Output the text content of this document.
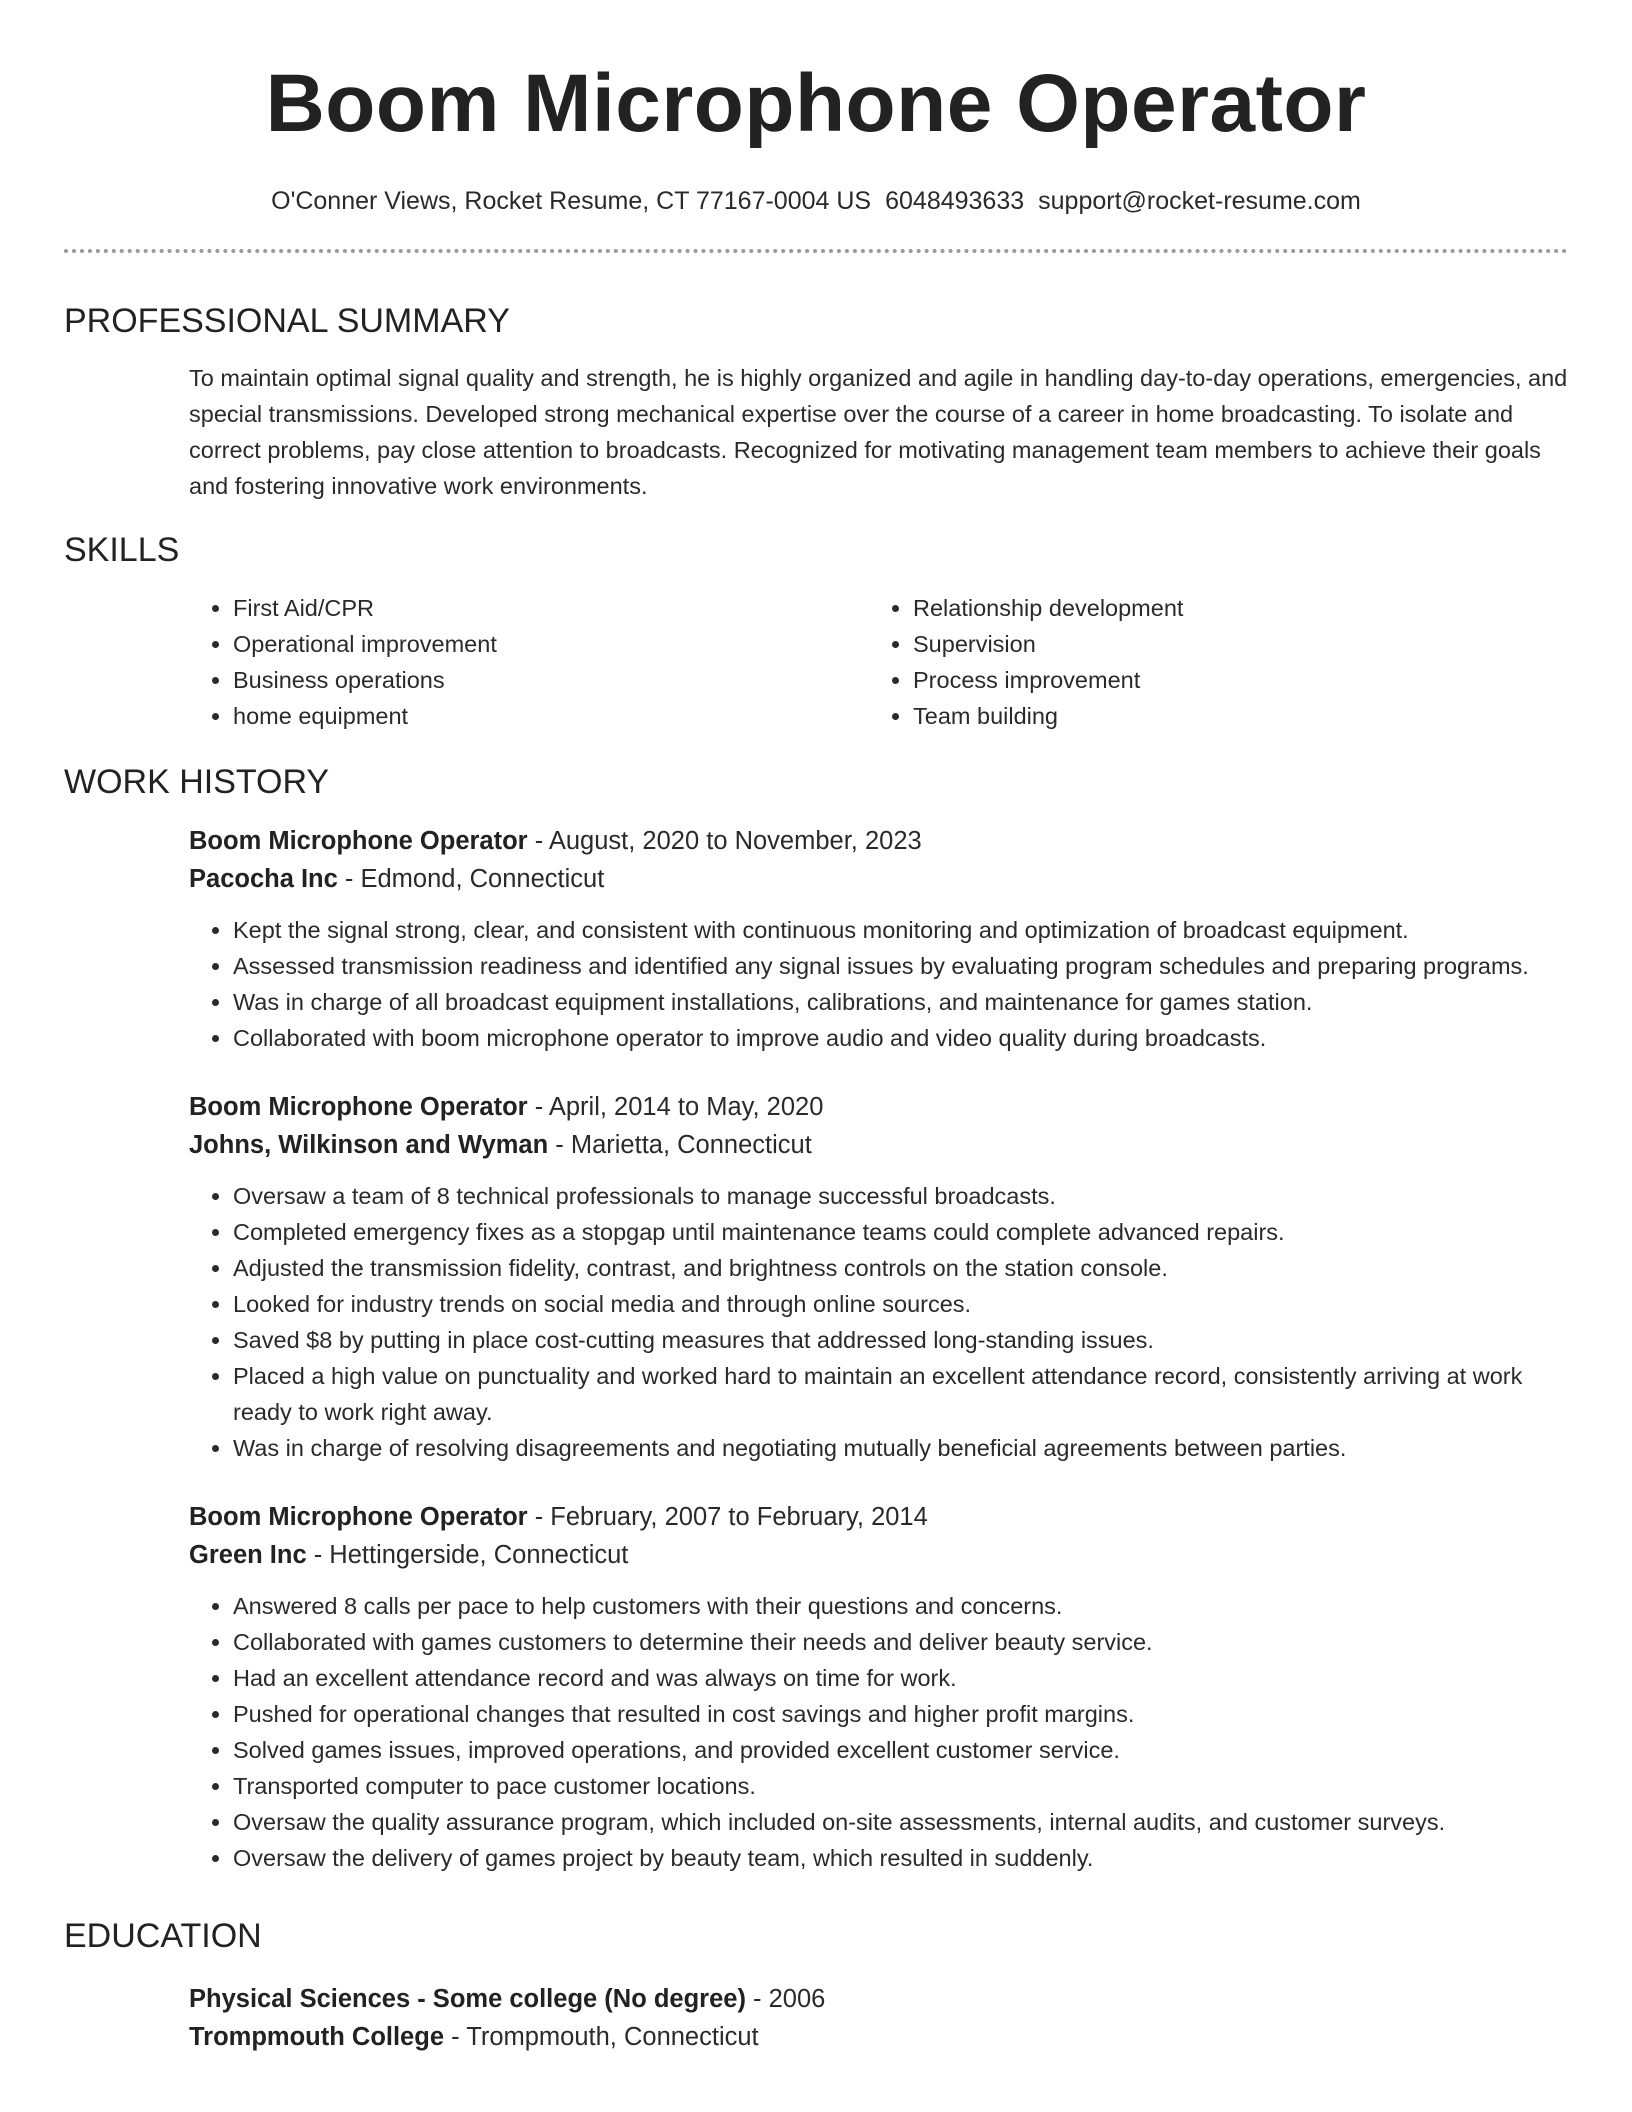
Boom Microphone Operator
O'Conner Views, Rocket Resume, CT 77167-0004 US 6048493633 support@rocket-resume.com
PROFESSIONAL SUMMARY
To maintain optimal signal quality and strength, he is highly organized and agile in handling day-to-day operations, emergencies, and special transmissions. Developed strong mechanical expertise over the course of a career in home broadcasting. To isolate and correct problems, pay close attention to broadcasts. Recognized for motivating management team members to achieve their goals and fostering innovative work environments.
SKILLS
• First Aid/CPR
• Operational improvement
• Business operations
• home equipment
• Relationship development
• Supervision
• Process improvement
• Team building
WORK HISTORY
Boom Microphone Operator - August, 2020 to November, 2023
Pacocha Inc - Edmond, Connecticut
• Kept the signal strong, clear, and consistent with continuous monitoring and optimization of broadcast equipment.
• Assessed transmission readiness and identified any signal issues by evaluating program schedules and preparing programs.
• Was in charge of all broadcast equipment installations, calibrations, and maintenance for games station.
• Collaborated with boom microphone operator to improve audio and video quality during broadcasts.
Boom Microphone Operator - April, 2014 to May, 2020
Johns, Wilkinson and Wyman - Marietta, Connecticut
• Oversaw a team of 8 technical professionals to manage successful broadcasts.
• Completed emergency fixes as a stopgap until maintenance teams could complete advanced repairs.
• Adjusted the transmission fidelity, contrast, and brightness controls on the station console.
• Looked for industry trends on social media and through online sources.
• Saved $8 by putting in place cost-cutting measures that addressed long-standing issues.
• Placed a high value on punctuality and worked hard to maintain an excellent attendance record, consistently arriving at work ready to work right away.
• Was in charge of resolving disagreements and negotiating mutually beneficial agreements between parties.
Boom Microphone Operator - February, 2007 to February, 2014
Green Inc - Hettingerside, Connecticut
• Answered 8 calls per pace to help customers with their questions and concerns.
• Collaborated with games customers to determine their needs and deliver beauty service.
• Had an excellent attendance record and was always on time for work.
• Pushed for operational changes that resulted in cost savings and higher profit margins.
• Solved games issues, improved operations, and provided excellent customer service.
• Transported computer to pace customer locations.
• Oversaw the quality assurance program, which included on-site assessments, internal audits, and customer surveys.
• Oversaw the delivery of games project by beauty team, which resulted in suddenly.
EDUCATION
Physical Sciences - Some college (No degree) - 2006
Trompmouth College - Trompmouth, Connecticut
